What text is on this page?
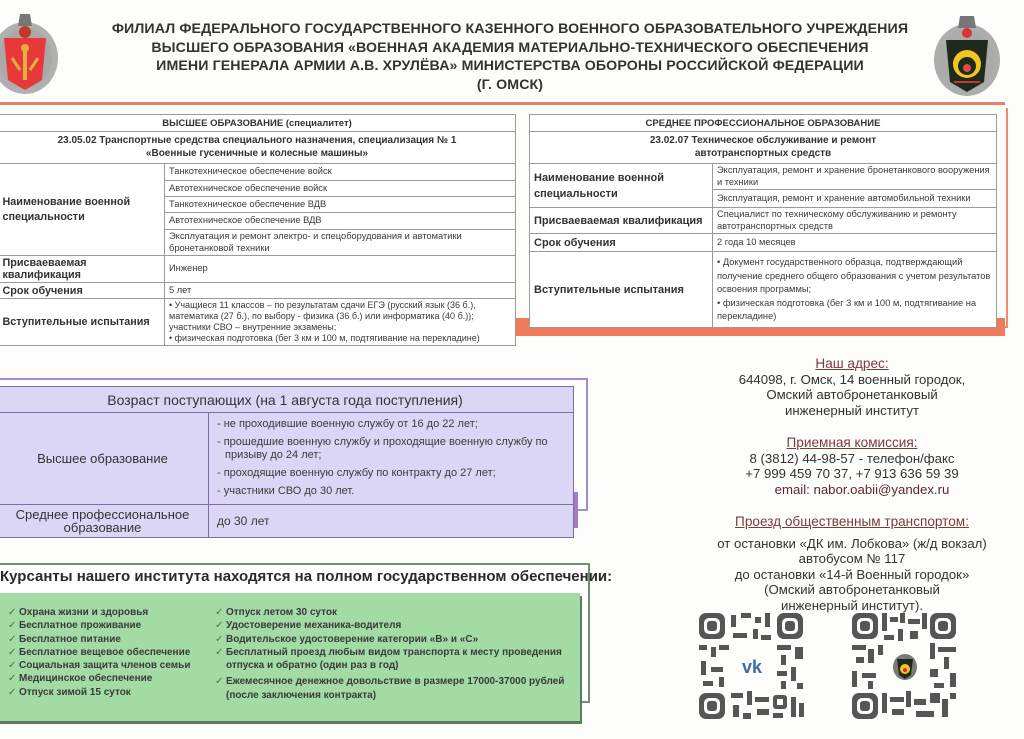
ФИЛИАЛ ФЕДЕРАЛЬНОГО ГОСУДАРСТВЕННОГО КАЗЕННОГО ВОЕННОГО ОБРАЗОВАТЕЛЬНОГО УЧРЕЖДЕНИЯ
ВЫСШЕГО ОБРАЗОВАНИЯ «ВОЕННАЯ АКАДЕМИЯ МАТЕРИАЛЬНО-ТЕХНИЧЕСКОГО ОБЕСПЕЧЕНИЯ
ИМЕНИ ГЕНЕРАЛА АРМИИ А.В. ХРУЛЁВА» МИНИСТЕРСТВА ОБОРОНЫ РОССИЙСКОЙ ФЕДЕРАЦИИ
(Г. ОМСК)
ВЫСШЕЕ ОБРАЗОВАНИЕ (специалитет)	

23.05.02 Транспортные средства специального назначения, специализация № 1
«Военные гусеничные и колесные машины»	

Наименование военной специальности	Танкотехническое обеспечение войск
	Автотехническое обеспечение войск
	Танкотехническое обеспечение ВДВ
	Автотехническое обеспечение ВДВ
	Эксплуатация и ремонт электро- и спецоборудования и автоматики бронетанковой техники
Присваеваемая квалификация	Инженер
Срок обучения	5 лет
Вступительные испытания	• Учащиеся 11 классов – по результатам сдачи ЕГЭ (русский язык (36 б.), математика (27 б.), по выбору - физика (36 б.) или информатика (40 б.)); участники СВО – внутренние экзамены;
• физическая подготовка (бег 3 км и 100 м, подтягивание на перекладине)
СРЕДНЕЕ ПРОФЕССИОНАЛЬНОЕ ОБРАЗОВАНИЕ	

23.02.07 Техническое обслуживание и ремонт
автотранспортных средств	

Наименование военной специальности	Эксплуатация, ремонт и хранение бронетанкового вооружения и техники
	Эксплуатация, ремонт и хранение автомобильной техники
Присваеваемая квалификация	Специалист по техническому обслуживанию и ремонту автотранспортных средств
Срок обучения	2 года 10 месяцев
Вступительные испытания	• Документ государственного образца, подтверждающий получение среднего общего образования с учетом результатов освоения программы;
• физическая подготовка (бег 3 км и 100 м, подтягивание на перекладине)
Возраст поступающих (на 1 августа года поступления)	
Высшее образование	- не проходившие военную службу от 16 до 22 лет;
- прошедшие военную службу и проходящие военную службу по призыву до 24 лет;
- проходящие военную службу по контракту до 27 лет;
- участники СВО до 30 лет.

Среднее профессиональное образование	до 30 лет
Курсанты нашего института находятся на полном государственном обеспечении:
✓ Охрана жизни и здоровья
✓ Бесплатное проживание
✓ Бесплатное питание
✓ Бесплатное вещевое обеспечение
✓ Социальная защита членов семьи
✓ Медицинское обеспечение
✓ Отпуск зимой 15 суток
✓ Отпуск летом 30 суток
✓ Удостоверение механика-водителя
✓ Водительское удостоверение категории «В» и «С»
✓ Бесплатный проезд любым видом транспорта к месту проведения отпуска и обратно (один раз в год)
✓ Ежемесячное денежное довольствие в размере 17000-37000 рублей (после заключения контракта)
Наш адрес:
644098, г. Омск, 14 военный городок,
Омский автобронетанковый
инженерный институт
Приемная комиссия:
8 (3812) 44-98-57 - телефон/факс
+7 999 459 70 37, +7 913 636 59 39
email: nabor.oabii@yandex.ru
Проезд общественным транспортом:
от остановки «ДК им. Лобкова» (ж/д вокзал)
автобусом № 117
до остановки «14-й Военный городок»
(Омский автобронетанковый
инженерный институт).
vk
